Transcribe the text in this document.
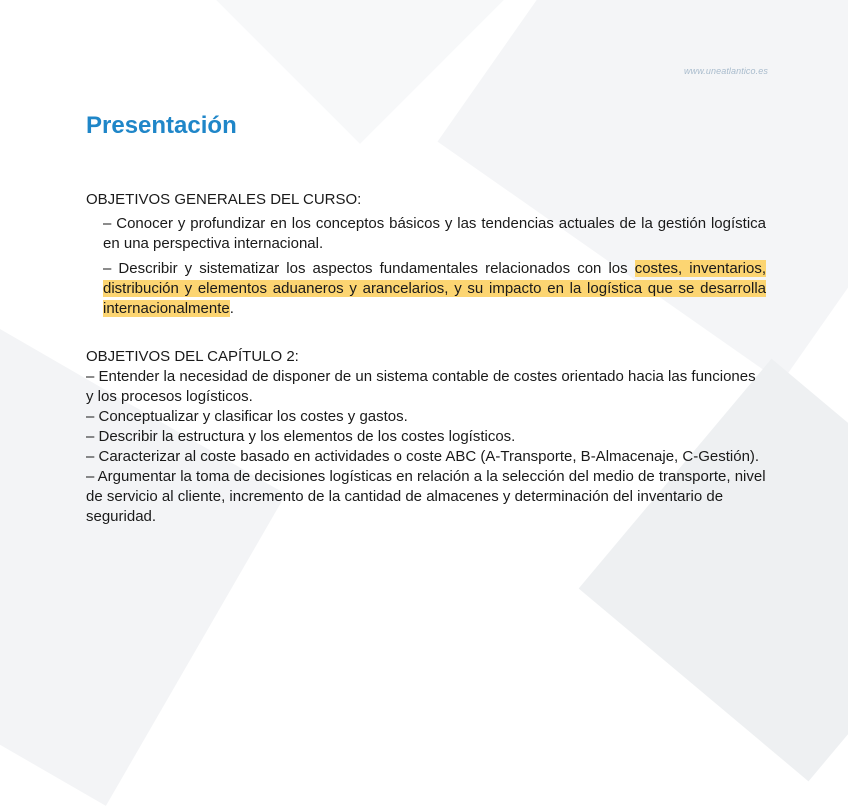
www.uneatlantico.es
Presentación

OBJETIVOS GENERALES DEL CURSO:

– Conocer y profundizar en los conceptos básicos y las tendencias actuales de la gestión logística en una perspectiva internacional.
– Describir y sistematizar los aspectos fundamentales relacionados con los costes, inventarios, distribución y elementos aduaneros y arancelarios, y su impacto en la logística que se desarrolla internacionalmente.

OBJETIVOS DEL CAPÍTULO 2:

– Entender la necesidad de disponer de un sistema contable de costes orientado hacia las funciones y los procesos logísticos.
– Conceptualizar y clasificar los costes y gastos.
– Describir la estructura y los elementos de los costes logísticos.
– Caracterizar al coste basado en actividades o coste ABC (A-Transporte, B-Almacenaje, C-Gestión).
– Argumentar la toma de decisiones logísticas en relación a la selección del medio de transporte, nivel de servicio al cliente, incremento de la cantidad de almacenes y determinación del inventario de seguridad.
